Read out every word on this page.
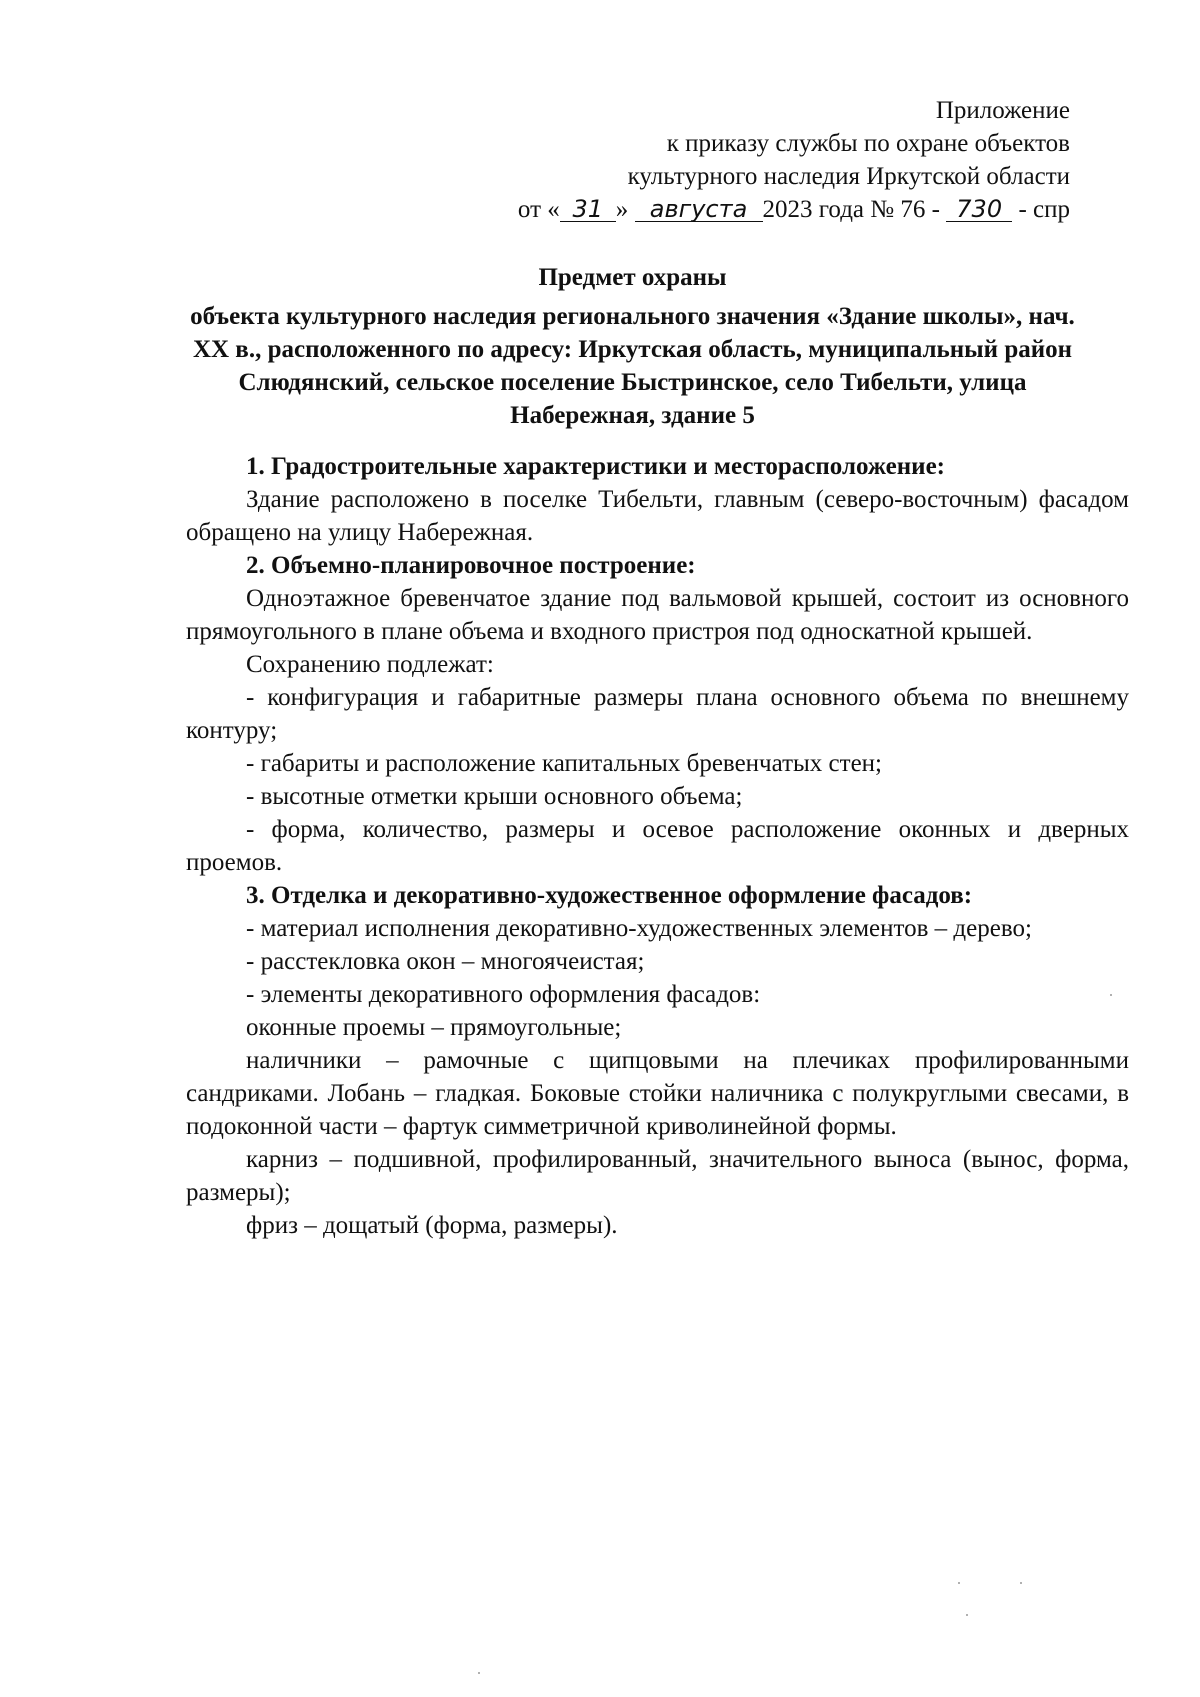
Приложение
к приказу службы по охране объектов
культурного наследия Иркутской области
от « 31 » августа 2023 года № 76 - 730 - спр
Предмет охраны
объекта культурного наследия регионального значения «Здание школы», нач. XX в., расположенного по адресу: Иркутская область, муниципальный район Слюдянский, сельское поселение Быстринское, село Тибельти, улица Набережная, здание 5

1. Градостроительные характеристики и месторасположение:

Здание расположено в поселке Тибельти, главным (северо-восточным) фасадом обращено на улицу Набережная.

2. Объемно-планировочное построение:

Одноэтажное бревенчатое здание под вальмовой крышей, состоит из основного прямоугольного в плане объема и входного пристроя под односкатной крышей.

Сохранению подлежат:

- конфигурация и габаритные размеры плана основного объема по внешнему контуру;

- габариты и расположение капитальных бревенчатых стен;

- высотные отметки крыши основного объема;

- форма, количество, размеры и осевое расположение оконных и дверных проемов.

3. Отделка и декоративно-художественное оформление фасадов:

- материал исполнения декоративно-художественных элементов – дерево;

- расстекловка окон – многоячеистая;

- элементы декоративного оформления фасадов:

оконные проемы – прямоугольные;

наличники – рамочные с щипцовыми на плечиках профилированными сандриками. Лобань – гладкая. Боковые стойки наличника с полукруглыми свесами, в подоконной части – фартук симметричной криволинейной формы.

карниз – подшивной, профилированный, значительного выноса (вынос, форма, размеры);

фриз – дощатый (форма, размеры).
